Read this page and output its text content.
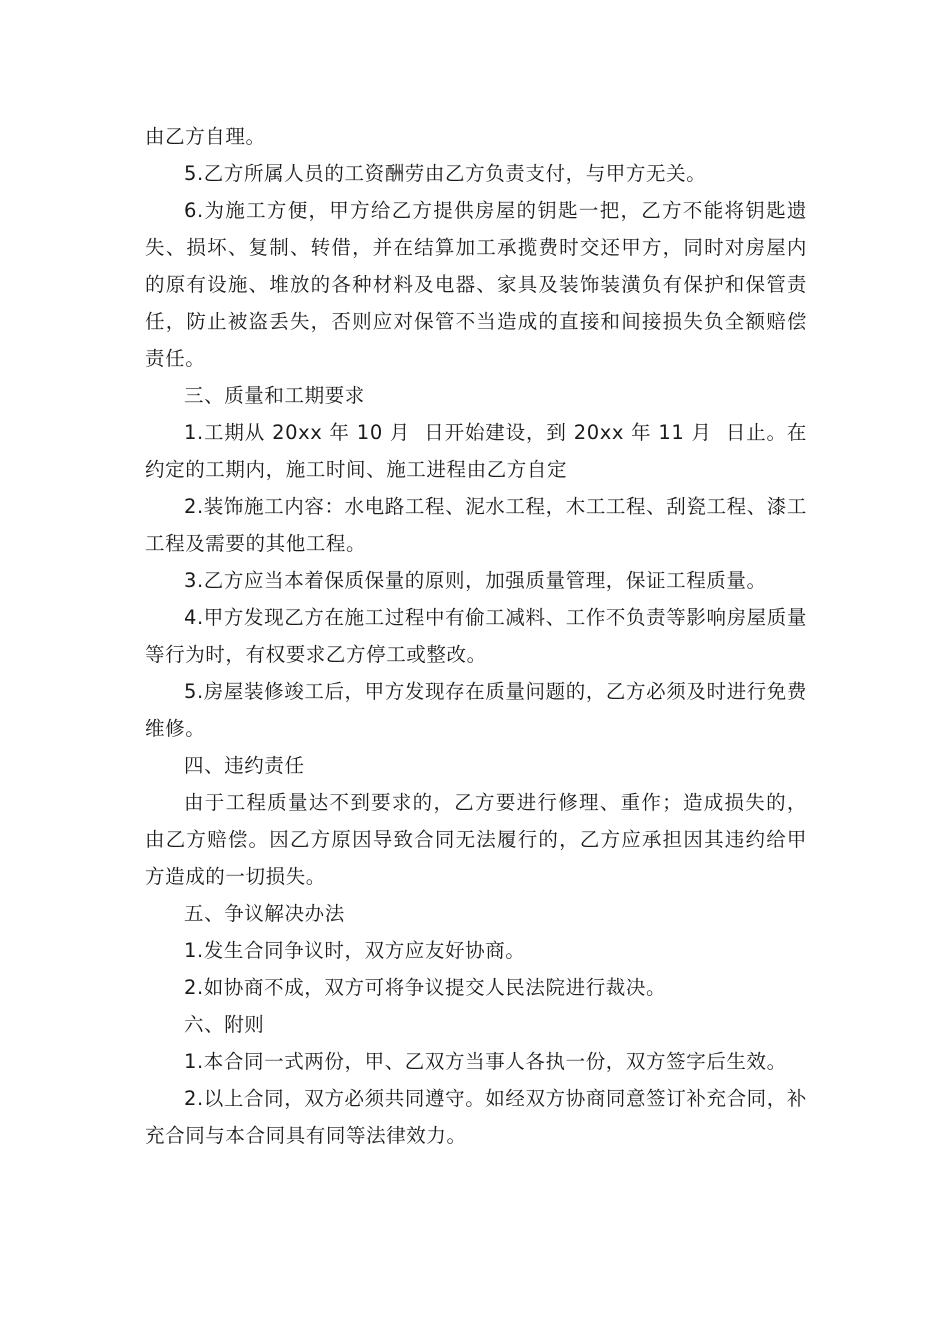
由乙方自理。

5.乙方所属人员的工资酬劳由乙方负责支付，与甲方无关。

6.为施工方便，甲方给乙方提供房屋的钥匙一把，乙方不能将钥匙遗失、损坏、复制、转借，并在结算加工承揽费时交还甲方，同时对房屋内的原有设施、堆放的各种材料及电器、家具及装饰装潢负有保护和保管责任，防止被盗丢失，否则应对保管不当造成的直接和间接损失负全额赔偿责任。

三、质量和工期要求

1.工期从 20xx 年 10 月  日开始建设，到 20xx 年 11 月  日止。在约定的工期内，施工时间、施工进程由乙方自定

2.装饰施工内容：水电路工程、泥水工程，木工工程、刮瓷工程、漆工工程及需要的其他工程。

3.乙方应当本着保质保量的原则，加强质量管理，保证工程质量。

4.甲方发现乙方在施工过程中有偷工减料、工作不负责等影响房屋质量等行为时，有权要求乙方停工或整改。

5.房屋装修竣工后，甲方发现存在质量问题的，乙方必须及时进行免费维修。

四、违约责任

由于工程质量达不到要求的，乙方要进行修理、重作；造成损失的，由乙方赔偿。因乙方原因导致合同无法履行的，乙方应承担因其违约给甲方造成的一切损失。

五、争议解决办法

1.发生合同争议时，双方应友好协商。

2.如协商不成，双方可将争议提交人民法院进行裁决。

六、附则

1.本合同一式两份，甲、乙双方当事人各执一份，双方签字后生效。

2.以上合同，双方必须共同遵守。如经双方协商同意签订补充合同，补充合同与本合同具有同等法律效力。
